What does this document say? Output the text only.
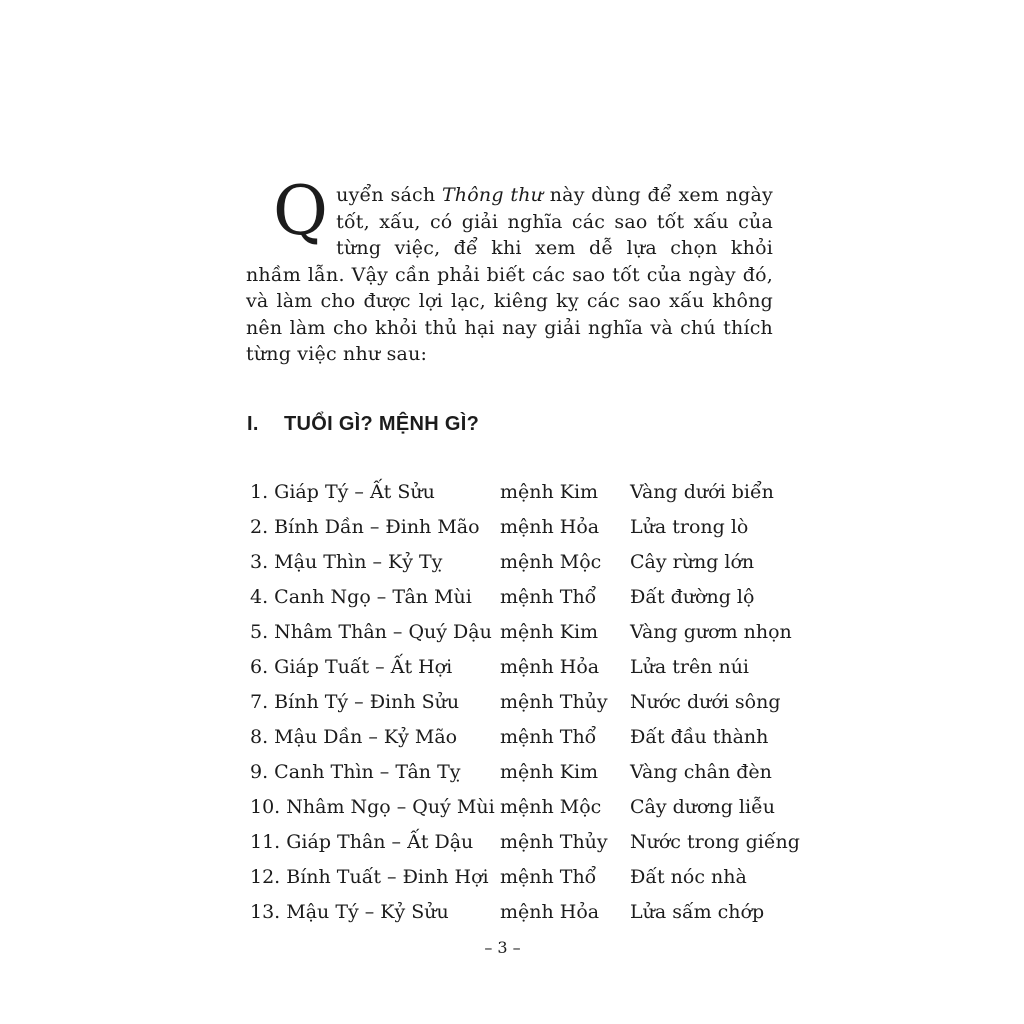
Quyển sách Thông thư này dùng để xem ngày tốt, xấu, có giải nghĩa các sao tốt xấu của từng việc, để khi xem dễ lựa chọn khỏi nhầm lẫn. Vậy cần phải biết các sao tốt của ngày đó, và làm cho được lợi lạc, kiêng kỵ các sao xấu không nên làm cho khỏi thủ hại nay giải nghĩa và chú thích từng việc như sau:

I. TUỔI GÌ? MỆNH GÌ?
1. Giáp Tý – Ất Sửu	mệnh Kim	Vàng dưới biển
2. Bính Dần – Đinh Mão	mệnh Hỏa	Lửa trong lò
3. Mậu Thìn – Kỷ Tỵ	mệnh Mộc	Cây rừng lớn
4. Canh Ngọ – Tân Mùi	mệnh Thổ	Đất đường lộ
5. Nhâm Thân – Quý Dậu mệnh Kim	Vàng gươm nhọn
6. Giáp Tuất – Ất Hợi	mệnh Hỏa	Lửa trên núi
7. Bính Tý – Đinh Sửu	mệnh Thủy	Nước dưới sông
8. Mậu Dần – Kỷ Mão	mệnh Thổ	Đất đầu thành
9. Canh Thìn – Tân Tỵ	mệnh Kim	Vàng chân đèn
10. Nhâm Ngọ – Quý Mùi mệnh Mộc	Cây dương liễu
11. Giáp Thân – Ất Dậu	mệnh Thủy	Nước trong giếng
12. Bính Tuất – Đinh Hợi mệnh Thổ	Đất nóc nhà
13. Mậu Tý – Kỷ Sửu	mệnh Hỏa	Lửa sấm chớp
– 3 –
